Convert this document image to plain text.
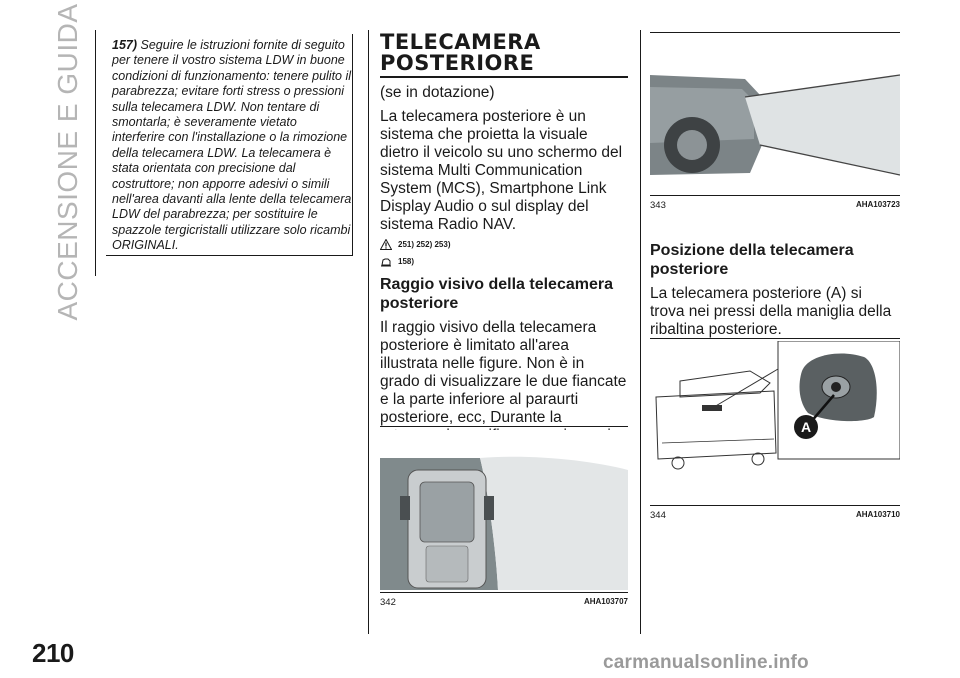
ACCENSIONE E GUIDA	157) Seguire le istruzioni fornite di seguito per tenere il vostro sistema LDW in buone condizioni di funzionamento: tenere pulito il parabrezza; evitare forti stress o pressioni sulla telecamera LDW. Non tentare di smontarla; è severamente vietato interferire con l'installazione o la rimozione della telecamera LDW. La telecamera è stata orientata con precisione dal costruttore; non apporre adesivi o simili nell'area davanti alla lente della telecamera LDW del parabrezza; per sostituire le spazzole tergicristalli utilizzare solo ricambi ORIGINALI.
TELECAMERA
POSTERIORE
(se in dotazione)
La telecamera posteriore è un sistema che proietta la visuale dietro il veicolo su uno schermo del sistema Multi Communication System (MCS), Smartphone Link Display Audio o sul display del sistema Radio NAV.
251) 252) 253)
158)
Raggio visivo della telecamera posteriore
Il raggio visivo della telecamera posteriore è limitato all'area illustrata nelle figure. Non è in grado di visualizzare le due fiancate e la parte inferiore al paraurti posteriore, ecc, Durante la
342	AHA103707
343	AHA103723
Posizione della telecamera posteriore
La telecamera posteriore (A) si trova nei pressi della maniglia della ribaltina posteriore.
A
344	AHA103710
210	carmanualsonline.info
